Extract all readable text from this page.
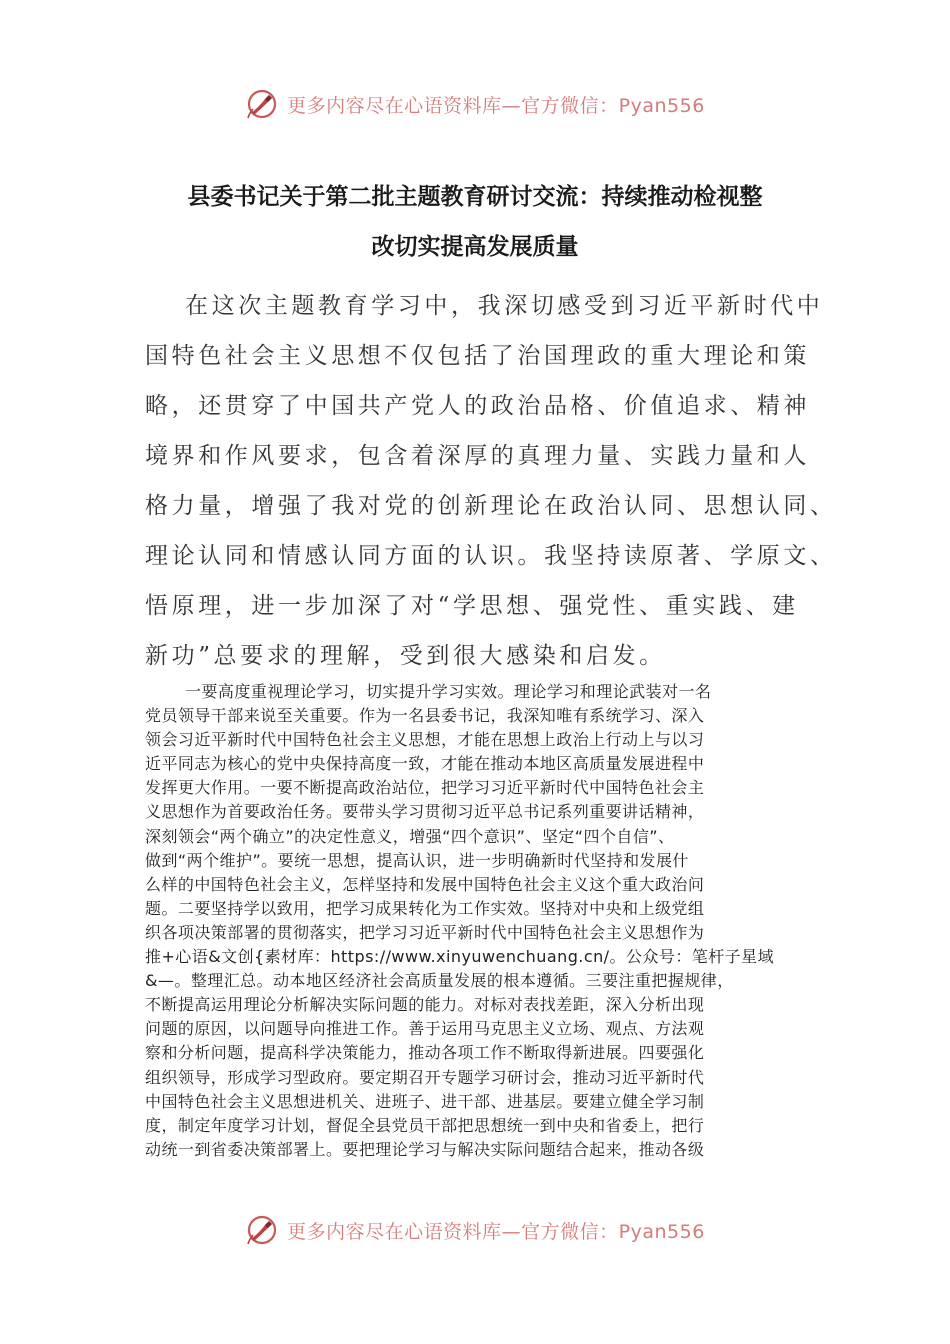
更多内容尽在心语资料库—官方微信：Pyan556
县委书记关于第二批主题教育研讨交流：持续推动检视整
改切实提高发展质量
在这次主题教育学习中，我深切感受到习近平新时代中
国特色社会主义思想不仅包括了治国理政的重大理论和策
略，还贯穿了中国共产党人的政治品格、价值追求、精神
境界和作风要求，包含着深厚的真理力量、实践力量和人
格力量，增强了我对党的创新理论在政治认同、思想认同、
理论认同和情感认同方面的认识。我坚持读原著、学原文、
悟原理，进一步加深了对“学思想、强党性、重实践、建
新功”总要求的理解，受到很大感染和启发。
一要高度重视理论学习，切实提升学习实效。理论学习和理论武装对一名
党员领导干部来说至关重要。作为一名县委书记，我深知唯有系统学习、深入
领会习近平新时代中国特色社会主义思想，才能在思想上政治上行动上与以习
近平同志为核心的党中央保持高度一致，才能在推动本地区高质量发展进程中
发挥更大作用。一要不断提高政治站位，把学习习近平新时代中国特色社会主
义思想作为首要政治任务。要带头学习贯彻习近平总书记系列重要讲话精神，
深刻领会“两个确立”的决定性意义，增强“四个意识”、坚定“四个自信”、
做到“两个维护”。要统一思想，提高认识，进一步明确新时代坚持和发展什
么样的中国特色社会主义，怎样坚持和发展中国特色社会主义这个重大政治问
题。二要坚持学以致用，把学习成果转化为工作实效。坚持对中央和上级党组
织各项决策部署的贯彻落实，把学习习近平新时代中国特色社会主义思想作为
推+心语&文创{素材库：https://www.xinyuwenchuang.cn/。公众号：笔杆子星域
&—。整理汇总。动本地区经济社会高质量发展的根本遵循。三要注重把握规律，
不断提高运用理论分析解决实际问题的能力。对标对表找差距，深入分析出现
问题的原因，以问题导向推进工作。善于运用马克思主义立场、观点、方法观
察和分析问题，提高科学决策能力，推动各项工作不断取得新进展。四要强化
组织领导，形成学习型政府。要定期召开专题学习研讨会，推动习近平新时代
中国特色社会主义思想进机关、进班子、进干部、进基层。要建立健全学习制
度，制定年度学习计划，督促全县党员干部把思想统一到中央和省委上，把行
动统一到省委决策部署上。要把理论学习与解决实际问题结合起来，推动各级
更多内容尽在心语资料库—官方微信：Pyan556
